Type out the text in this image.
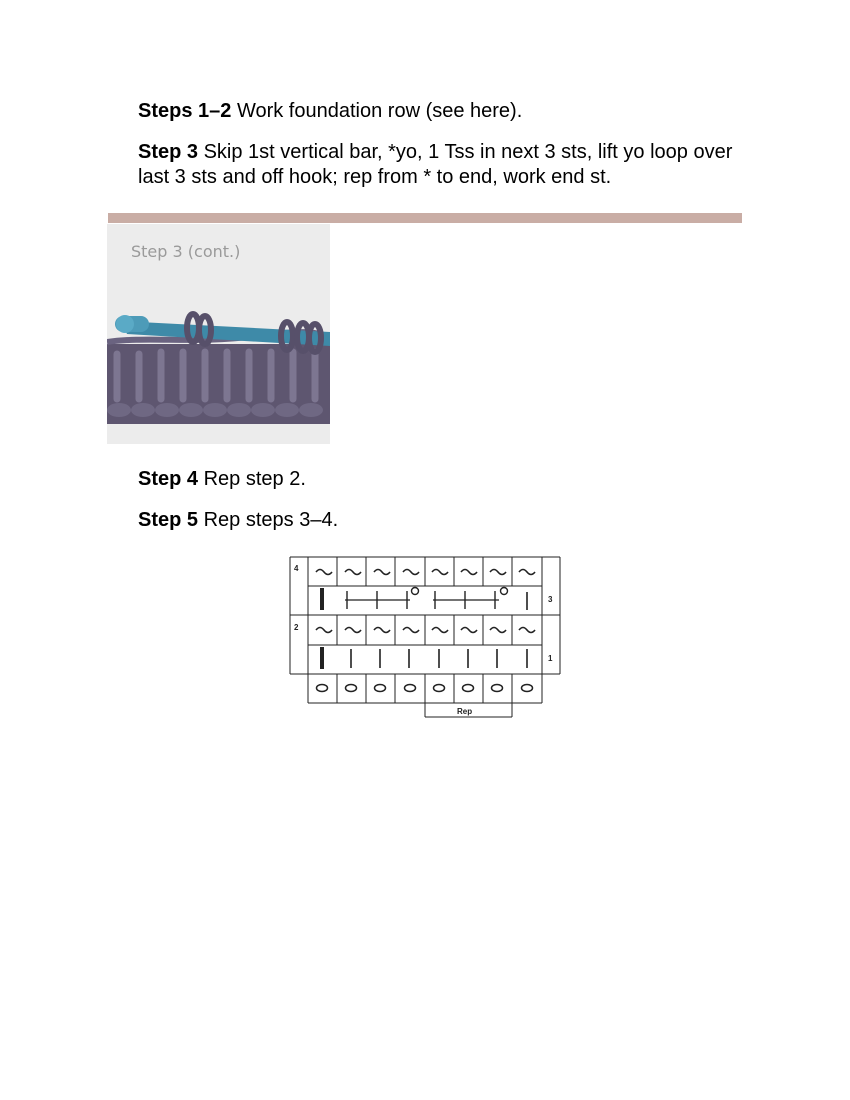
Steps 1–2 Work foundation row (see here).
Step 3 Skip 1st vertical bar, *yo, 1 Tss in next 3 sts, lift yo loop over last 3 sts and off hook; rep from * to end, work end st.
Step 3 (cont.)
Step 4 Rep step 2.
Step 5 Rep steps 3–4.
4
2
3
1
Rep
